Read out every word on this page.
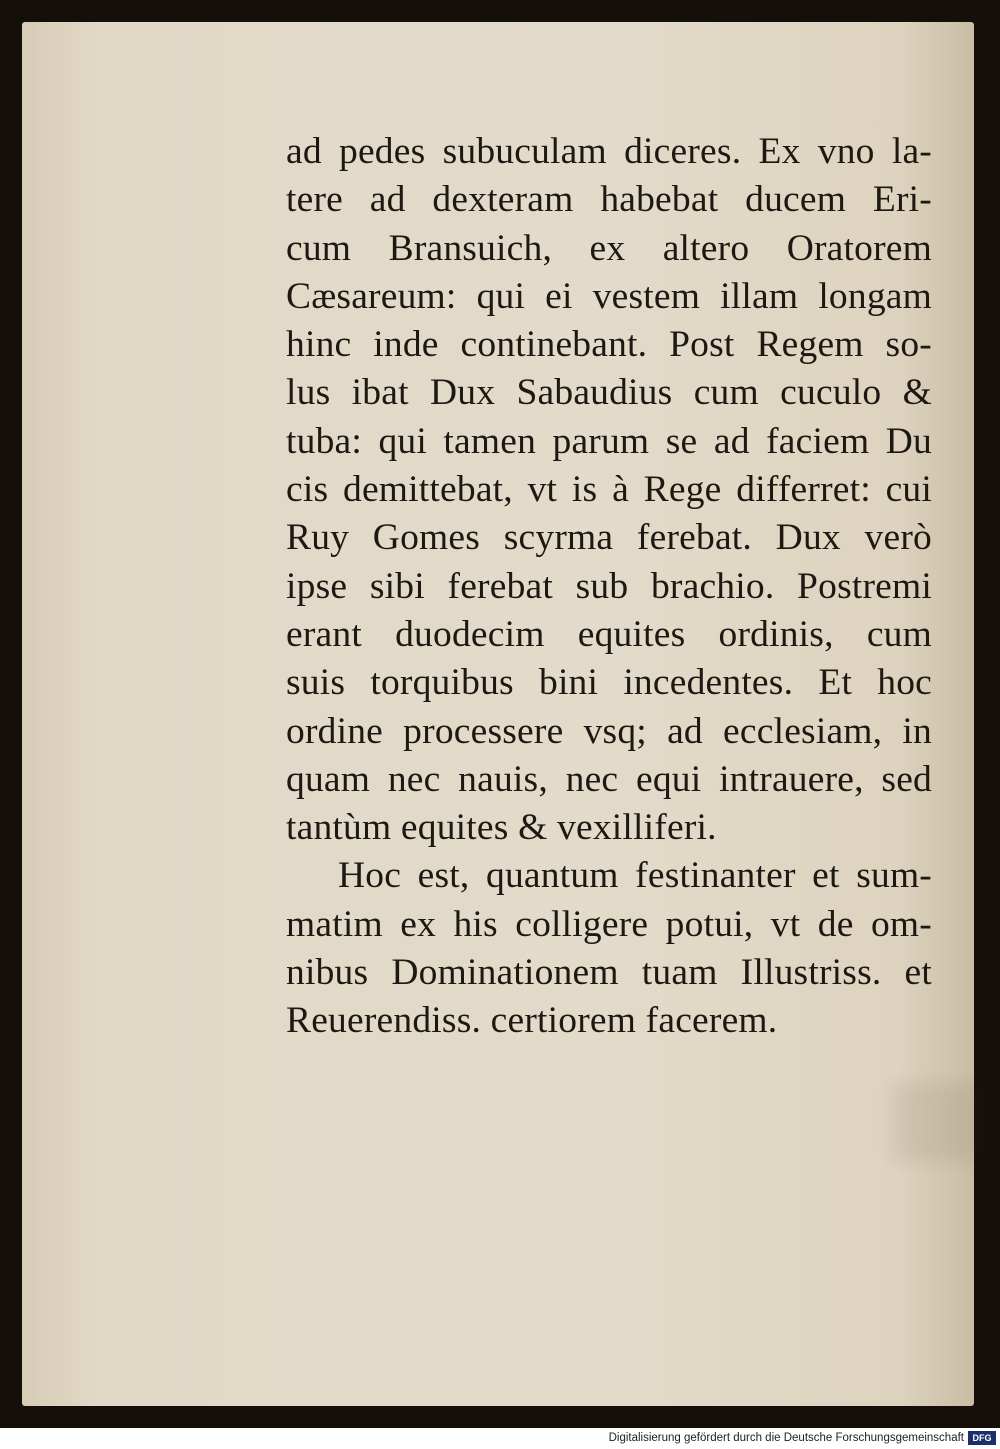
ad pedes subuculam diceres. Ex vno la-
tere ad dexteram habebat ducem Eri-
cum Bransuich, ex altero Oratorem
Cæsareum: qui ei vestem illam longam
hinc inde continebant. Post Regem so-
lus ibat Dux Sabaudius cum cuculo &
tuba: qui tamen parum se ad faciem Du
cis demittebat, vt is à Rege differret: cui
Ruy Gomes scyrma ferebat. Dux verò
ipse sibi ferebat sub brachio. Postremi
erant duodecim equites ordinis, cum
suis torquibus bini incedentes. Et hoc
ordine processere vsq; ad ecclesiam, in
quam nec nauis, nec equi intrauere, sed
tantùm equites & vexilliferi.
Hoc est, quantum festinanter et sum-
matim ex his colligere potui, vt de om-
nibus Dominationem tuam Illustriss. et
Reuerendiss. certiorem facerem.
Digitalisierung gefördert durch die Deutsche Forschungsgemeinschaft DFG
